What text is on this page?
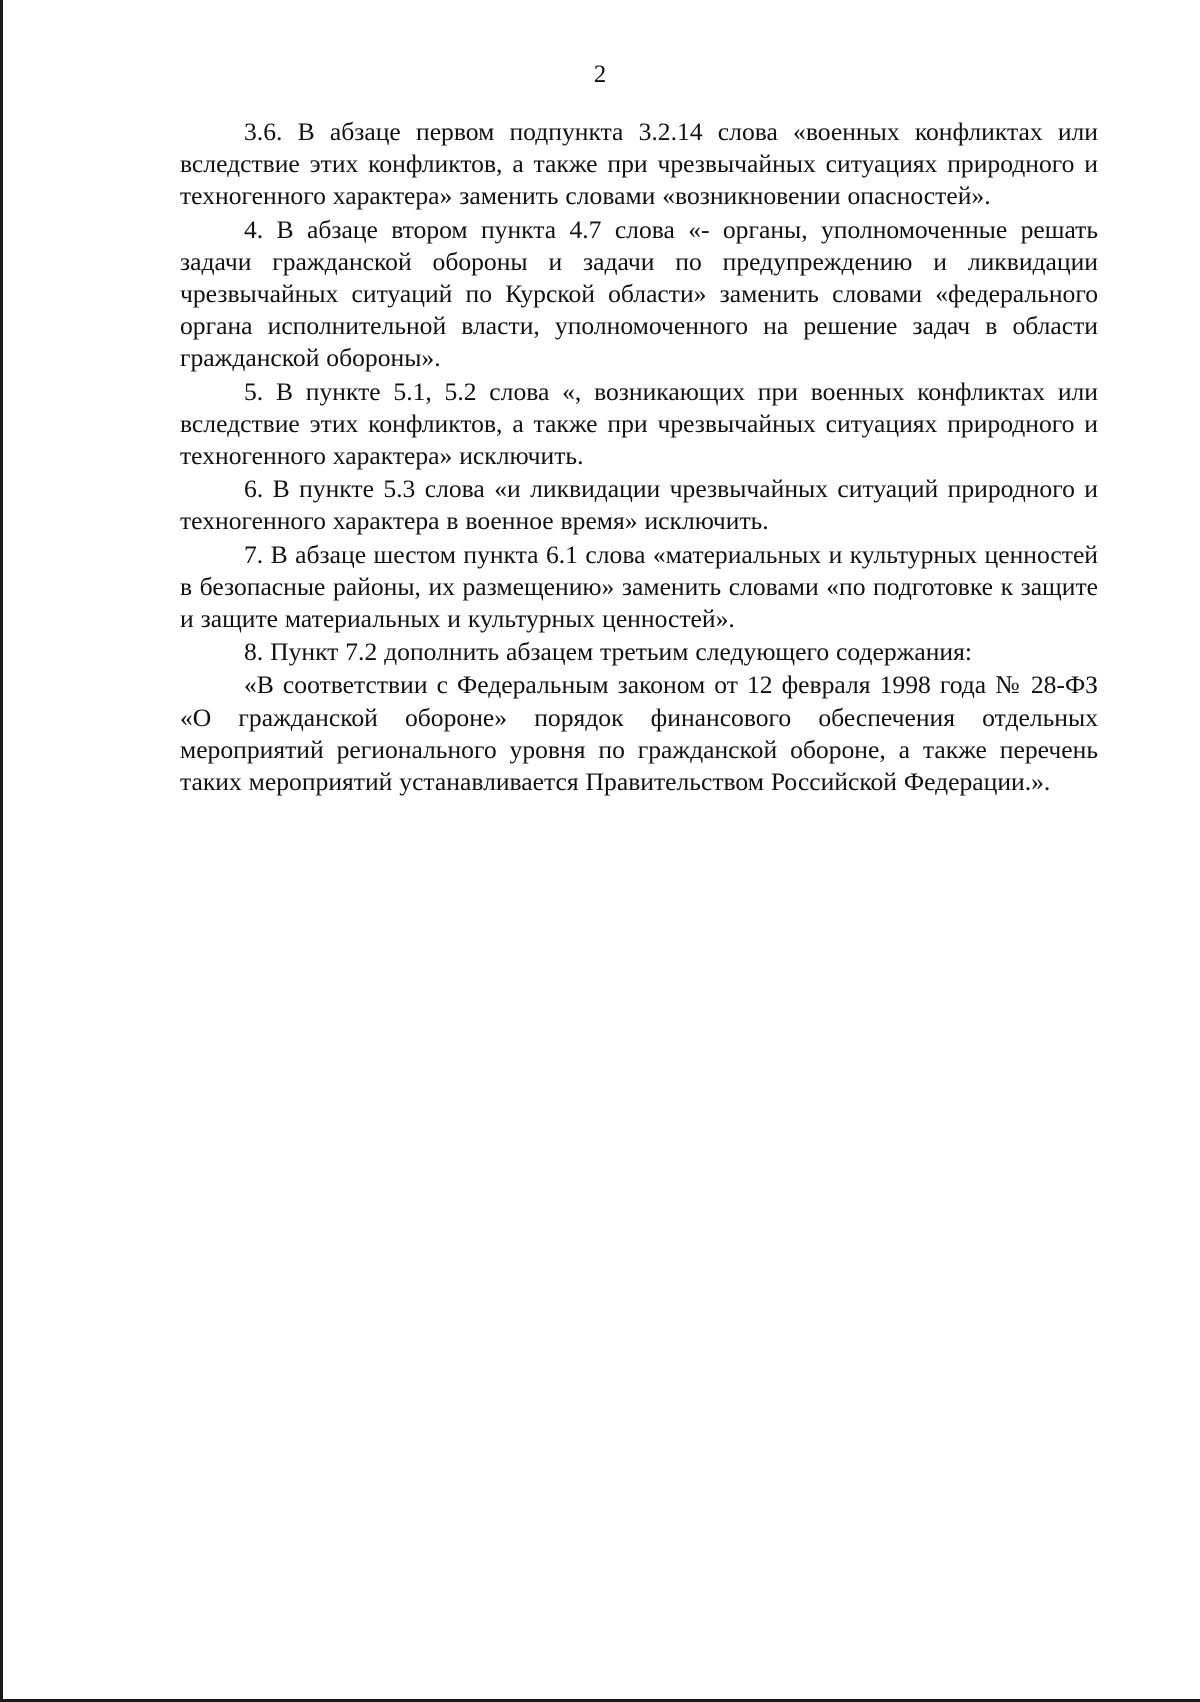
2

3.6. В абзаце первом подпункта 3.2.14 слова «военных конфликтах или вследствие этих конфликтов, а также при чрезвычайных ситуациях природного и техногенного характера» заменить словами «возникновении опасностей».

4. В абзаце втором пункта 4.7 слова «- органы, уполномоченные решать задачи гражданской обороны и задачи по предупреждению и ликвидации чрезвычайных ситуаций по Курской области» заменить словами «федерального органа исполнительной власти, уполномоченного на решение задач в области гражданской обороны».

5. В пункте 5.1, 5.2 слова «, возникающих при военных конфликтах или вследствие этих конфликтов, а также при чрезвычайных ситуациях природного и техногенного характера» исключить.

6. В пункте 5.3 слова «и ликвидации чрезвычайных ситуаций природного и техногенного характера в военное время» исключить.

7. В абзаце шестом пункта 6.1 слова «материальных и культурных ценностей в безопасные районы, их размещению» заменить словами «по подготовке к защите и защите материальных и культурных ценностей».

8. Пункт 7.2 дополнить абзацем третьим следующего содержания:

«В соответствии с Федеральным законом от 12 февраля 1998 года № 28-ФЗ «О гражданской обороне» порядок финансового обеспечения отдельных мероприятий регионального уровня по гражданской обороне, а также перечень таких мероприятий устанавливается Правительством Российской Федерации.».
